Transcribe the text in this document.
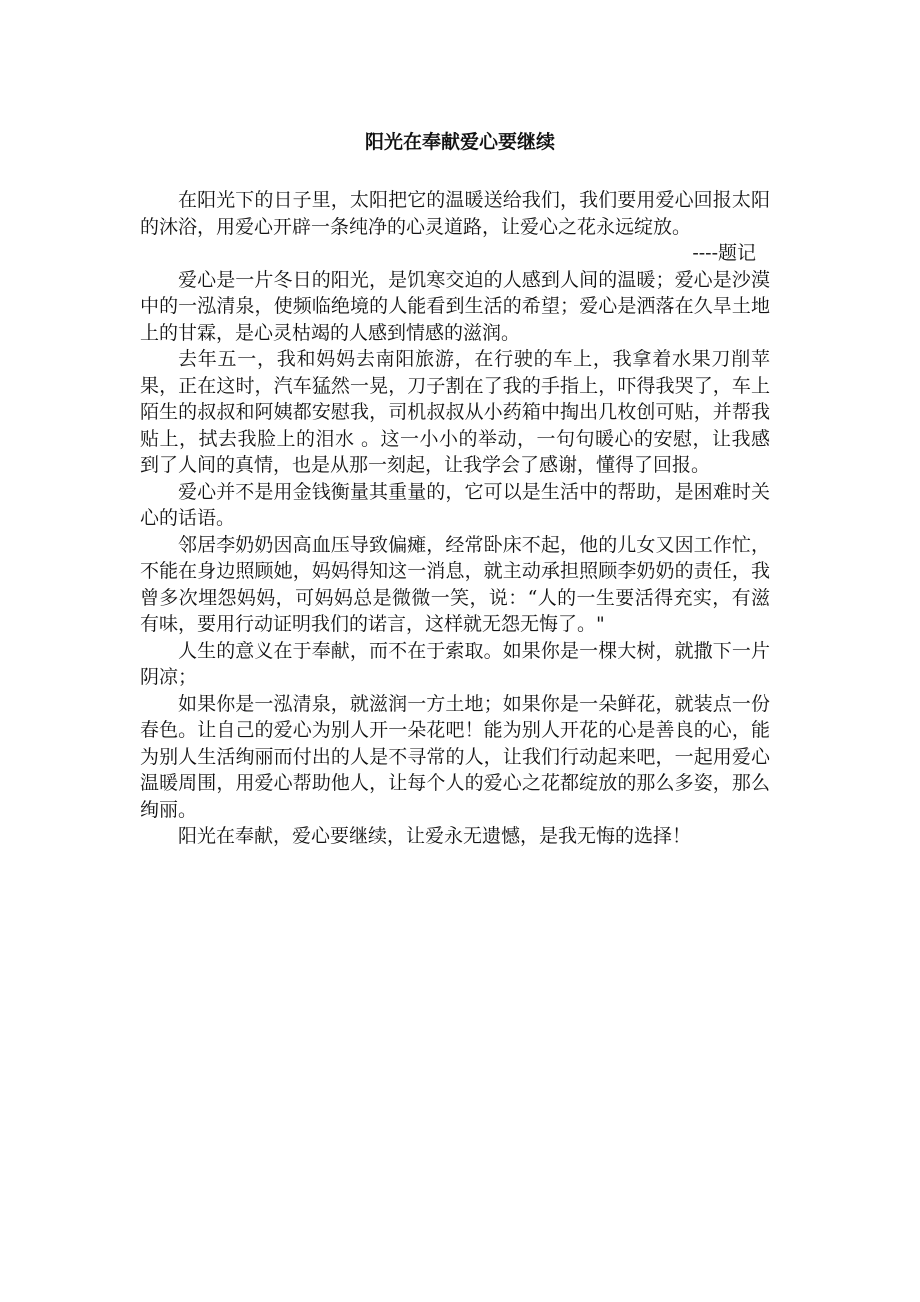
阳光在奉献爱心要继续

在阳光下的日子里，太阳把它的温暖送给我们，我们要用爱心回报太阳的沐浴，用爱心开辟一条纯净的心灵道路，让爱心之花永远绽放。

----题记

爱心是一片冬日的阳光，是饥寒交迫的人感到人间的温暖；爱心是沙漠中的一泓清泉，使频临绝境的人能看到生活的希望；爱心是洒落在久旱土地上的甘霖，是心灵枯竭的人感到情感的滋润。

去年五一，我和妈妈去南阳旅游，在行驶的车上，我拿着水果刀削苹果，正在这时，汽车猛然一晃，刀子割在了我的手指上，吓得我哭了，车上陌生的叔叔和阿姨都安慰我，司机叔叔从小药箱中掏出几枚创可贴，并帮我贴上，拭去我脸上的泪水 。这一小小的举动，一句句暖心的安慰，让我感到了人间的真情，也是从那一刻起，让我学会了感谢，懂得了回报。

爱心并不是用金钱衡量其重量的，它可以是生活中的帮助，是困难时关心的话语。

邻居李奶奶因高血压导致偏瘫，经常卧床不起，他的儿女又因工作忙，不能在身边照顾她，妈妈得知这一消息，就主动承担照顾李奶奶的责任，我曾多次埋怨妈妈，可妈妈总是微微一笑，说：“人的一生要活得充实，有滋有味，要用行动证明我们的诺言，这样就无怨无悔了。"

人生的意义在于奉献，而不在于索取。如果你是一棵大树，就撒下一片阴凉；

如果你是一泓清泉，就滋润一方土地；如果你是一朵鲜花，就装点一份春色。让自己的爱心为别人开一朵花吧！能为别人开花的心是善良的心，能为别人生活绚丽而付出的人是不寻常的人，让我们行动起来吧，一起用爱心温暖周围，用爱心帮助他人，让每个人的爱心之花都绽放的那么多姿，那么绚丽。

阳光在奉献，爱心要继续，让爱永无遗憾，是我无悔的选择！
